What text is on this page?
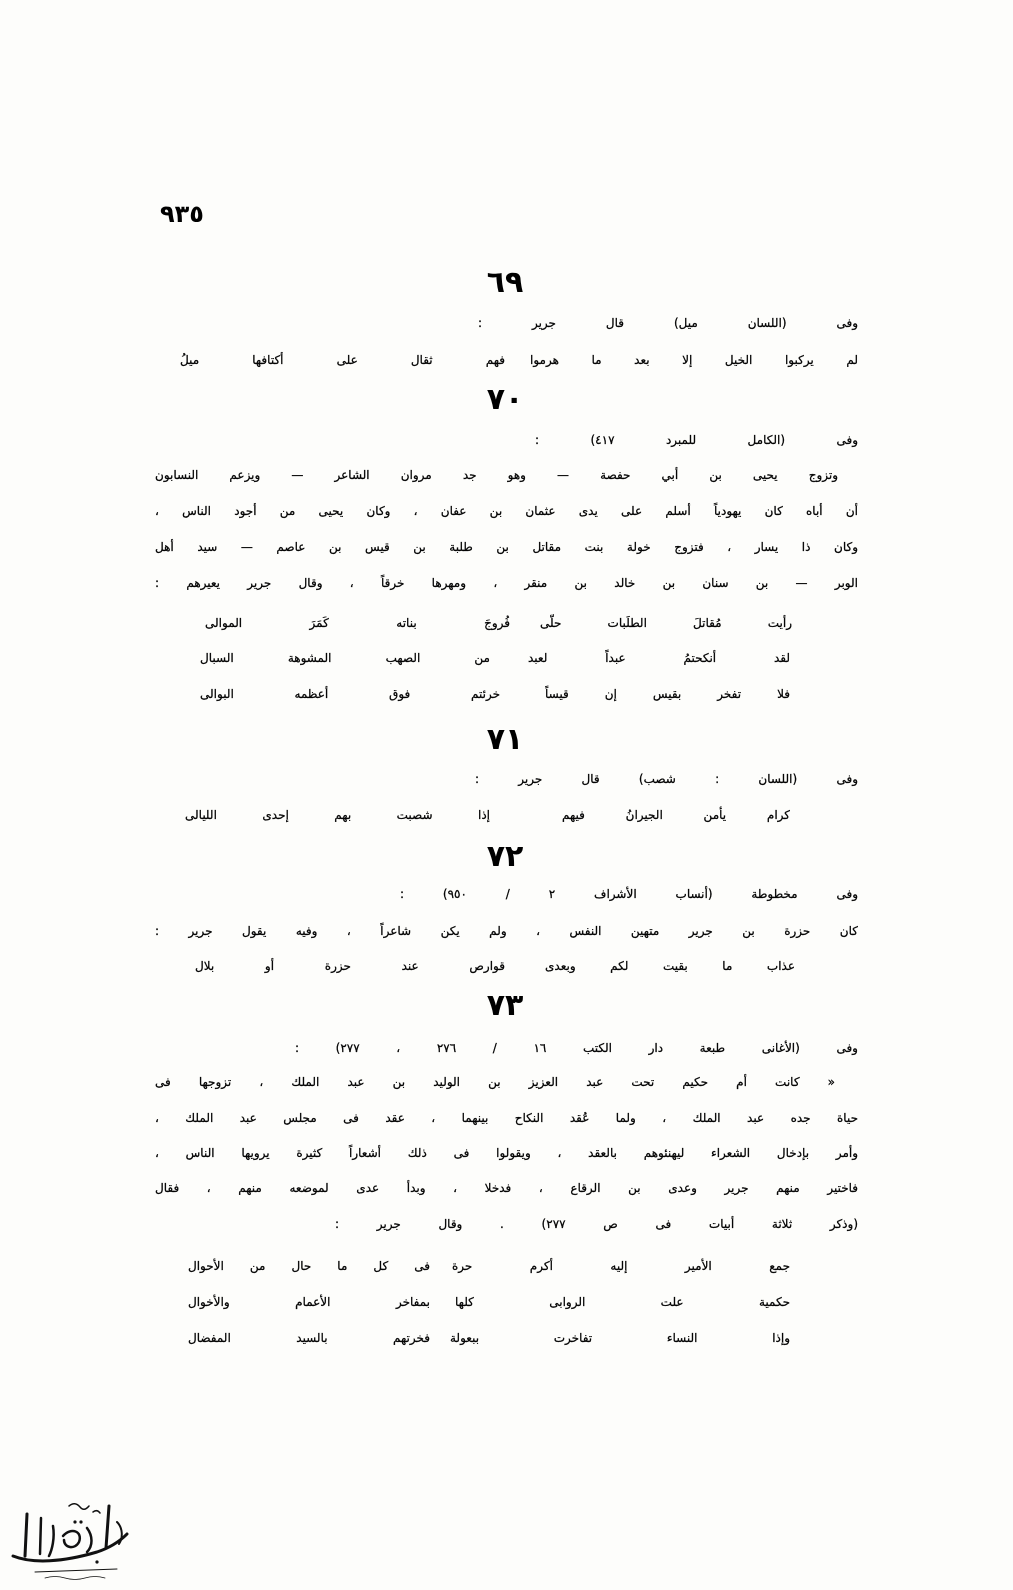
٩٣٥
٦٩
وفى (اللسان ميل) قال جرير :
لم يركبوا الخيل إلا بعد ما هرموا
فهم ثقال على أكتافها ميلُ
٧٠
وفى (الكامل للمبرد ٤١٧) :
وتزوج يحيى بن أبي حفصة — وهو جد مروان الشاعر — ويزعم النسابون
أن أباه كان يهودياً أسلم على يدى عثمان بن عفان ، وكان يحيى من أجود الناس ،
وكان ذا يسار ، فتزوج خولة بنت مقاتل بن طلبة بن قيس بن عاصم — سيد أهل
الوبر — بن سنان بن خالد بن منقر ، ومهرها خرقاً ، وقال جرير يعيرهم :
رأيت مُقاتلَ الطلَبات حلّى
فُروجَ بناته كَمَرَ الموالى
لقد أنكحتمُ عبداً لعبد
من الصهب المشوهة السبال
فلا تفخر بقيس إن قيساً
خرئتم فوق أعظمه البوالى
٧١
وفى (اللسان : شصب) قال جرير :
كرام يأمن الجيرانُ فيهم
إذا شصبت بهم إحدى الليالى
٧٢
وفى مخطوطة (أنساب الأشراف ٢ / ٩٥٠) :
كان حزرة بن جرير متهين النفس ، ولم يكن شاعراً ، وفيه يقول جرير :
عذاب ما بقيت لكم وبعدى
قوارص عند حزرة أو بلال
٧٣
وفى (الأغانى طبعة دار الكتب ١٦ / ٢٧٦ ، ٢٧٧) :
« كانت أم حكيم تحت عبد العزيز بن الوليد بن عبد الملك ، تزوجها فى
حياة جده عبد الملك ، ولما عُقد النكاح بينهما ، عقد فى مجلس عبد الملك ،
وأمر بإدخال الشعراء ليهنئوهم بالعقد ، ويقولوا فى ذلك أشعاراً كثيرة يرويها الناس ،
فاختير منهم جرير وعدى بن الرقاع ، فدخلا ، وبدأ عدى لموضعه منهم ، فقال
(وذكر ثلاثة أبيات فى ص ٢٧٧) . وقال جرير :
جمع الأمير إليه أكرم حرة
فى كل ما حال من الأحوال
حكمية علت الروابى كلها
بمفاخر الأعمام والأخوال
وإذا النساء تفاخرت ببعولة
فخرتهم بالسيد المفضال
